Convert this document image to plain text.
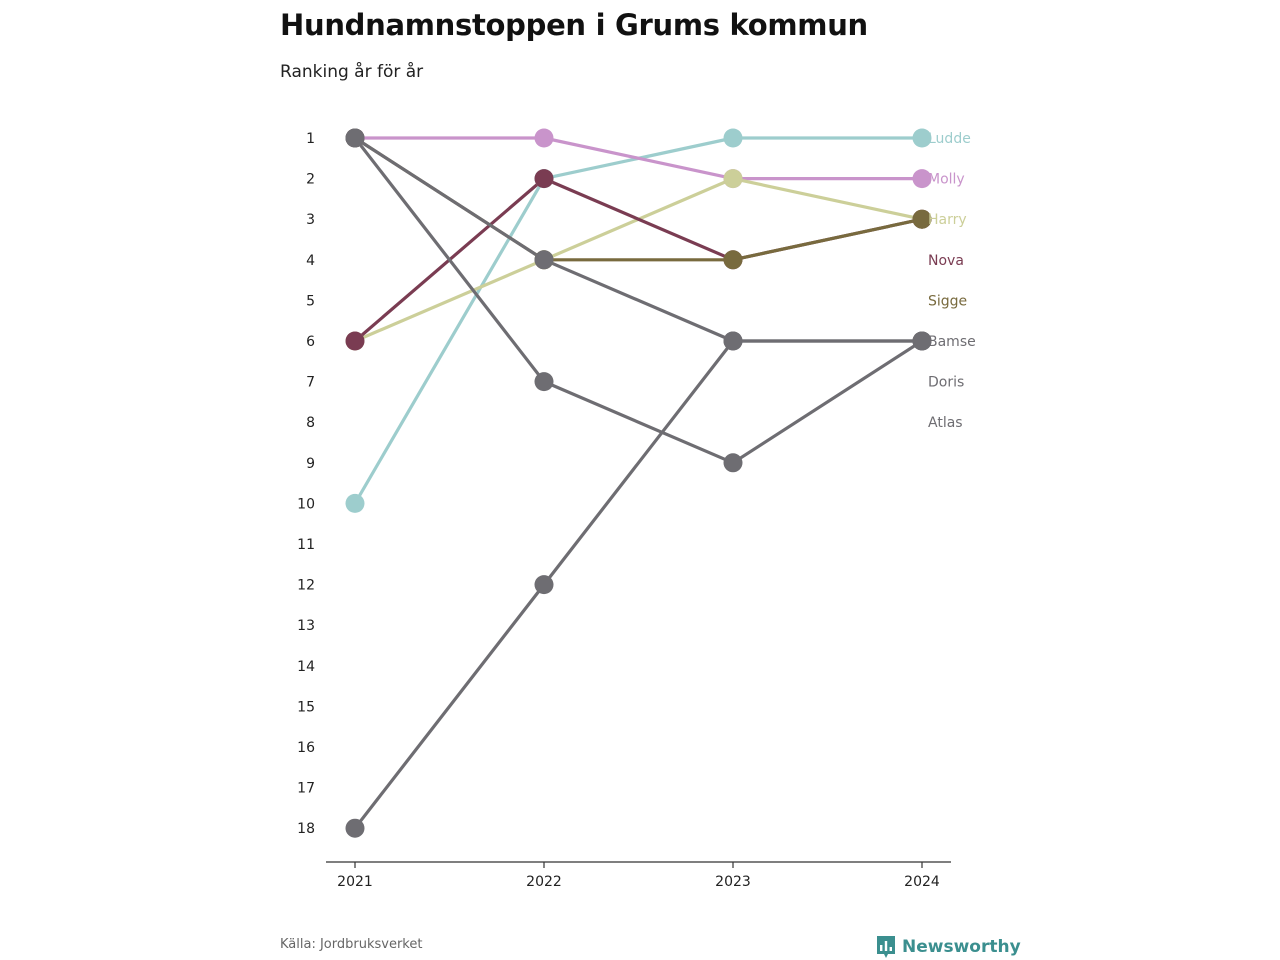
Hundnamnstoppen i Grums kommun
Ranking år för år
1
2
3
4
5
6
7
8
9
10
11
12
13
14
15
16
17
18
2021	2022	2023	2024
Ludde
Molly
Harry
Nova
Sigge
Bamse
Doris
Atlas
Källa: Jordbruksverket	Newsworthy
